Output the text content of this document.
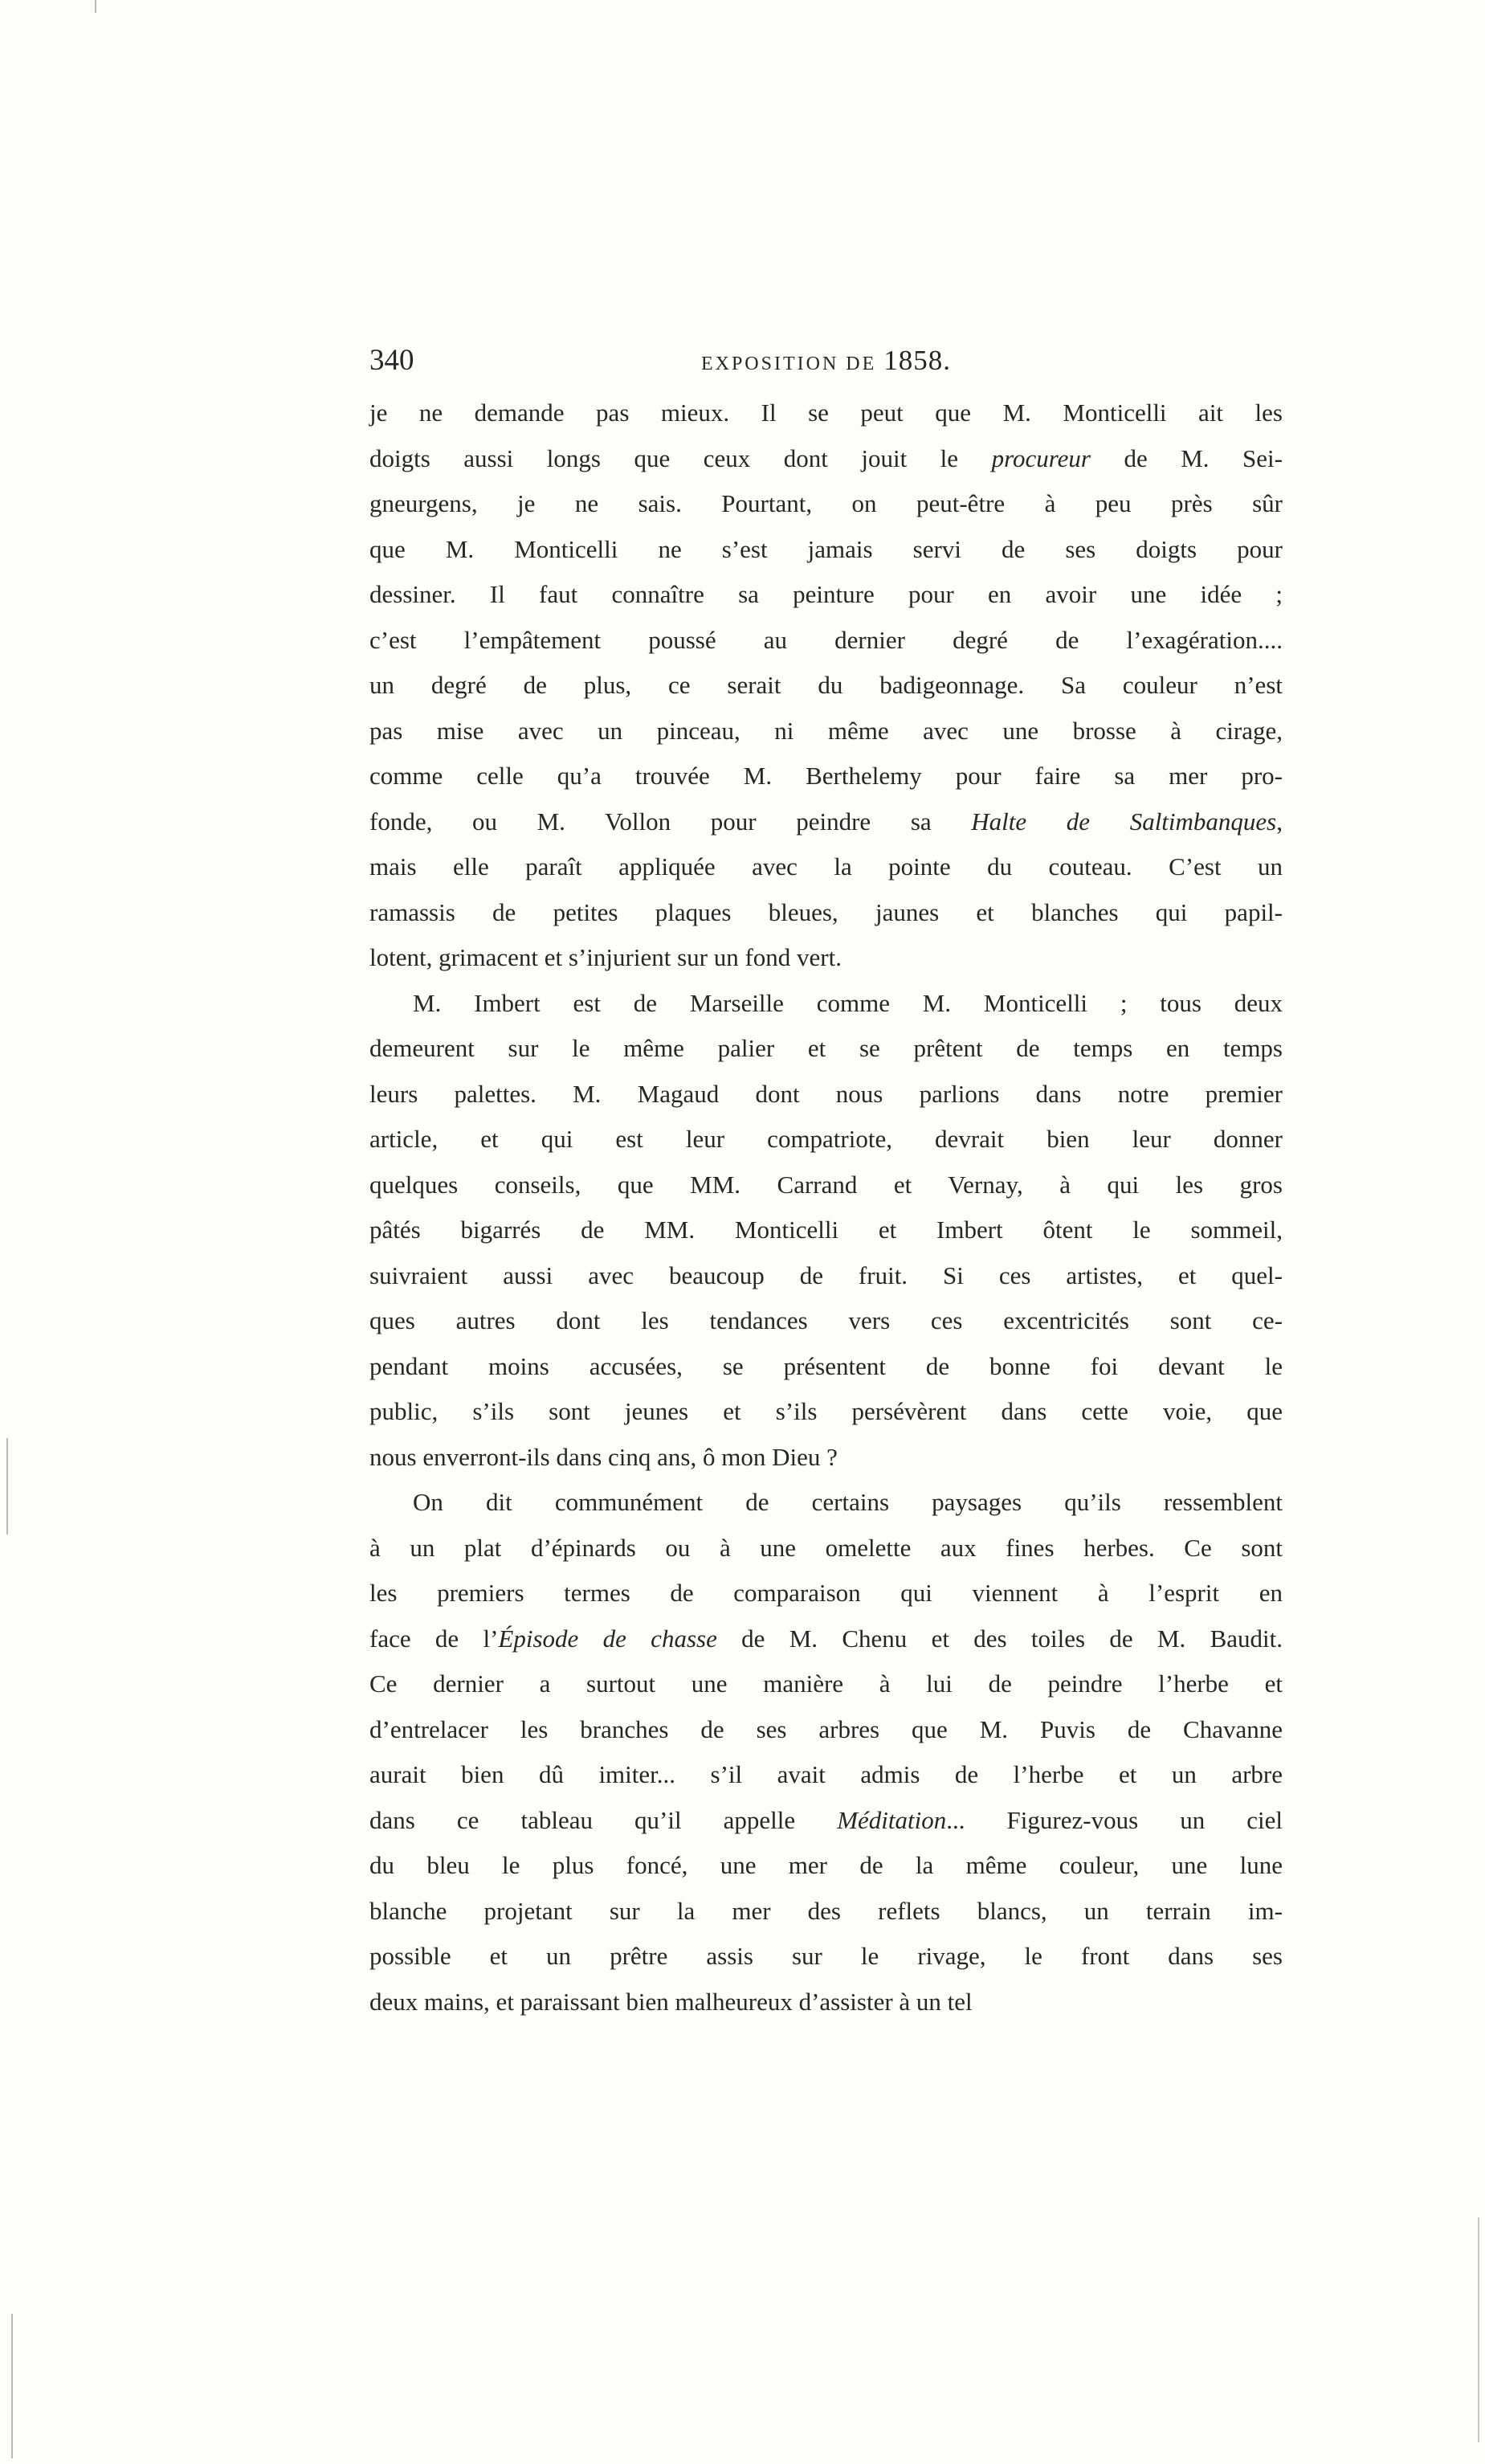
340	EXPOSITION DE 1858.

je ne demande pas mieux. Il se peut que M. Monticelli ait les
doigts aussi longs que ceux dont jouit le procureur de M. Sei-
gneurgens, je ne sais. Pourtant, on peut-être à peu près sûr
que M. Monticelli ne s’est jamais servi de ses doigts pour
dessiner. Il faut connaître sa peinture pour en avoir une idée ;
c’est l’empâtement poussé au dernier degré de l’exagération....
un degré de plus, ce serait du badigeonnage. Sa couleur n’est
pas mise avec un pinceau, ni même avec une brosse à cirage,
comme celle qu’a trouvée M. Berthelemy pour faire sa mer pro-
fonde, ou M. Vollon pour peindre sa Halte de Saltimbanques,
mais elle paraît appliquée avec la pointe du couteau. C’est un
ramassis de petites plaques bleues, jaunes et blanches qui papil-
lotent, grimacent et s’injurient sur un fond vert.

M. Imbert est de Marseille comme M. Monticelli ; tous deux
demeurent sur le même palier et se prêtent de temps en temps
leurs palettes. M. Magaud dont nous parlions dans notre premier
article, et qui est leur compatriote, devrait bien leur donner
quelques conseils, que MM. Carrand et Vernay, à qui les gros
pâtés bigarrés de MM. Monticelli et Imbert ôtent le sommeil,
suivraient aussi avec beaucoup de fruit. Si ces artistes, et quel-
ques autres dont les tendances vers ces excentricités sont ce-
pendant moins accusées, se présentent de bonne foi devant le
public, s’ils sont jeunes et s’ils persévèrent dans cette voie, que
nous enverront-ils dans cinq ans, ô mon Dieu ?

On dit communément de certains paysages qu’ils ressemblent
à un plat d’épinards ou à une omelette aux fines herbes. Ce sont
les premiers termes de comparaison qui viennent à l’esprit en
face de l’Épisode de chasse de M. Chenu et des toiles de M. Baudit.
Ce dernier a surtout une manière à lui de peindre l’herbe et
d’entrelacer les branches de ses arbres que M. Puvis de Chavanne
aurait bien dû imiter... s’il avait admis de l’herbe et un arbre
dans ce tableau qu’il appelle Méditation... Figurez-vous un ciel
du bleu le plus foncé, une mer de la même couleur, une lune
blanche projetant sur la mer des reflets blancs, un terrain im-
possible et un prêtre assis sur le rivage, le front dans ses
deux mains, et paraissant bien malheureux d’assister à un tel
